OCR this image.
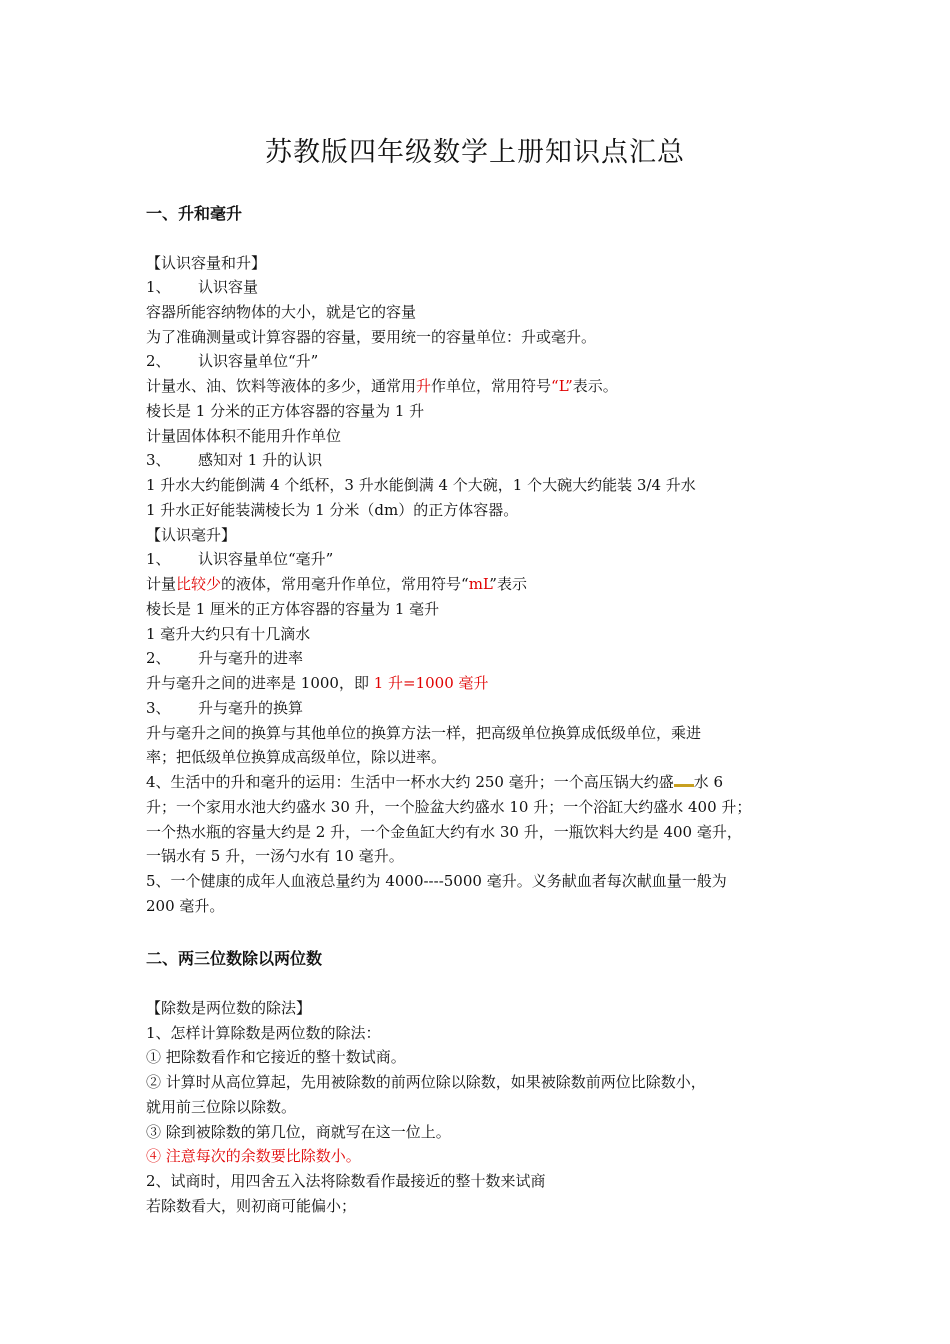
苏教版四年级数学上册知识点汇总
一、升和毫升

【认识容量和升】

1、 认识容量

容器所能容纳物体的大小，就是它的容量

为了准确测量或计算容器的容量，要用统一的容量单位：升或毫升。

2、 认识容量单位“升”

计量水、油、饮料等液体的多少，通常用升作单位，常用符号“L”表示。

棱长是 1 分米的正方体容器的容量为 1 升

计量固体体积不能用升作单位

3、 感知对 1 升的认识

1 升水大约能倒满 4 个纸杯，3 升水能倒满 4 个大碗，1 个大碗大约能装 3/4 升水

1 升水正好能装满棱长为 1 分米（dm）的正方体容器。

【认识毫升】

1、 认识容量单位“毫升”

计量比较少的液体，常用毫升作单位，常用符号“mL”表示

棱长是 1 厘米的正方体容器的容量为 1 毫升

1 毫升大约只有十几滴水

2、 升与毫升的进率

升与毫升之间的进率是 1000，即 1 升=1000 毫升

3、 升与毫升的换算

升与毫升之间的换算与其他单位的换算方法一样，把高级单位换算成低级单位，乘进

率；把低级单位换算成高级单位，除以进率。

4、生活中的升和毫升的运用：生活中一杯水大约 250 毫升；一个高压锅大约盛 水 6

升；一个家用水池大约盛水 30 升，一个脸盆大约盛水 10 升；一个浴缸大约盛水 400 升；

一个热水瓶的容量大约是 2 升，一个金鱼缸大约有水 30 升，一瓶饮料大约是 400 毫升，

一锅水有 5 升，一汤勺水有 10 毫升。

5、一个健康的成年人血液总量约为 4000----5000 毫升。义务献血者每次献血量一般为

200 毫升。

二、两三位数除以两位数

【除数是两位数的除法】

1、怎样计算除数是两位数的除法：

① 把除数看作和它接近的整十数试商。

② 计算时从高位算起，先用被除数的前两位除以除数，如果被除数前两位比除数小，

就用前三位除以除数。

③ 除到被除数的第几位，商就写在这一位上。

④ 注意每次的余数要比除数小。

2、试商时，用四舍五入法将除数看作最接近的整十数来试商

若除数看大，则初商可能偏小；
